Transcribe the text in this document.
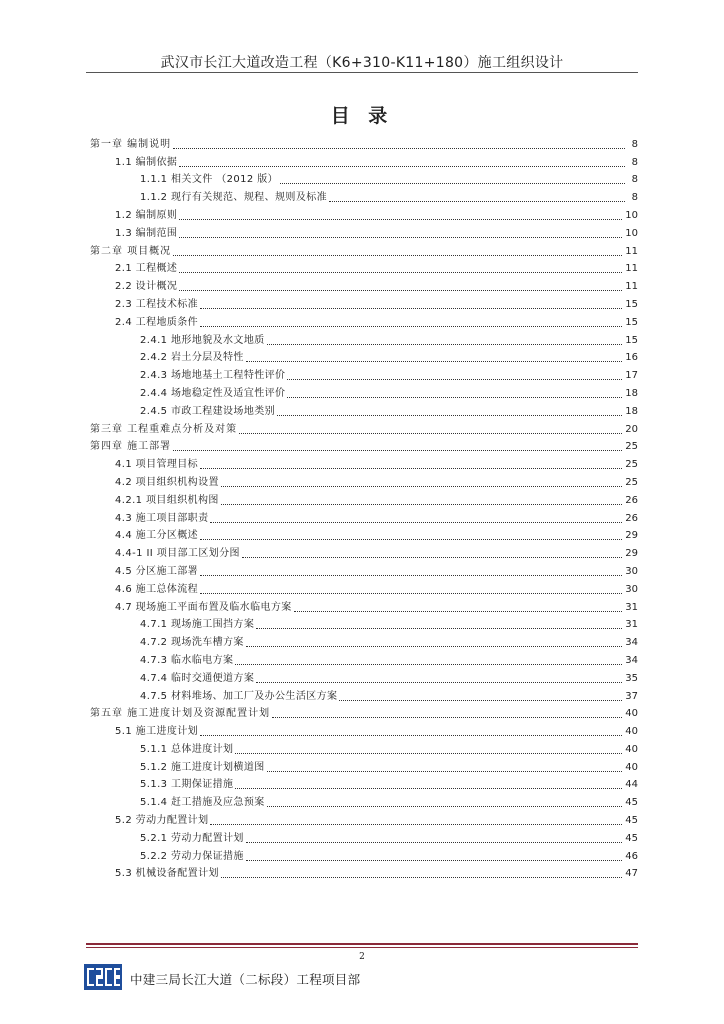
武汉市长江大道改造工程（K6+310-K11+180）施工组织设计
目 录
第一章 编制说明	8
1.1 编制依据	8
1.1.1 相关文件 （2012 版）	8
1.1.2 现行有关规范、规程、规则及标准	8
1.2 编制原则	10
1.3 编制范围	10
第二章 项目概况	11
2.1 工程概述	11
2.2 设计概况	11
2.3 工程技术标准	15
2.4 工程地质条件	15
2.4.1 地形地貌及水文地质	15
2.4.2 岩土分层及特性	16
2.4.3 场地地基土工程特性评价	17
2.4.4 场地稳定性及适宜性评价	18
2.4.5 市政工程建设场地类别	18
第三章 工程重难点分析及对策	20
第四章 施工部署	25
4.1 项目管理目标	25
4.2 项目组织机构设置	25
4.2.1 项目组织机构图	26
4.3 施工项目部职责	26
4.4 施工分区概述	29
4.4-1 II 项目部工区划分图	29
4.5 分区施工部署	30
4.6 施工总体流程	30
4.7 现场施工平面布置及临水临电方案	31
4.7.1 现场施工围挡方案	31
4.7.2 现场洗车槽方案	34
4.7.3 临水临电方案	34
4.7.4 临时交通便道方案	35
4.7.5 材料堆场、加工厂及办公生活区方案	37
第五章 施工进度计划及资源配置计划	40
5.1 施工进度计划	40
5.1.1 总体进度计划	40
5.1.2 施工进度计划横道图	40
5.1.3 工期保证措施	44
5.1.4 赶工措施及应急预案	45
5.2 劳动力配置计划	45
5.2.1 劳动力配置计划	45
5.2.2 劳动力保证措施	46
5.3 机械设备配置计划	47
2
中建三局长江大道（二标段）工程项目部
